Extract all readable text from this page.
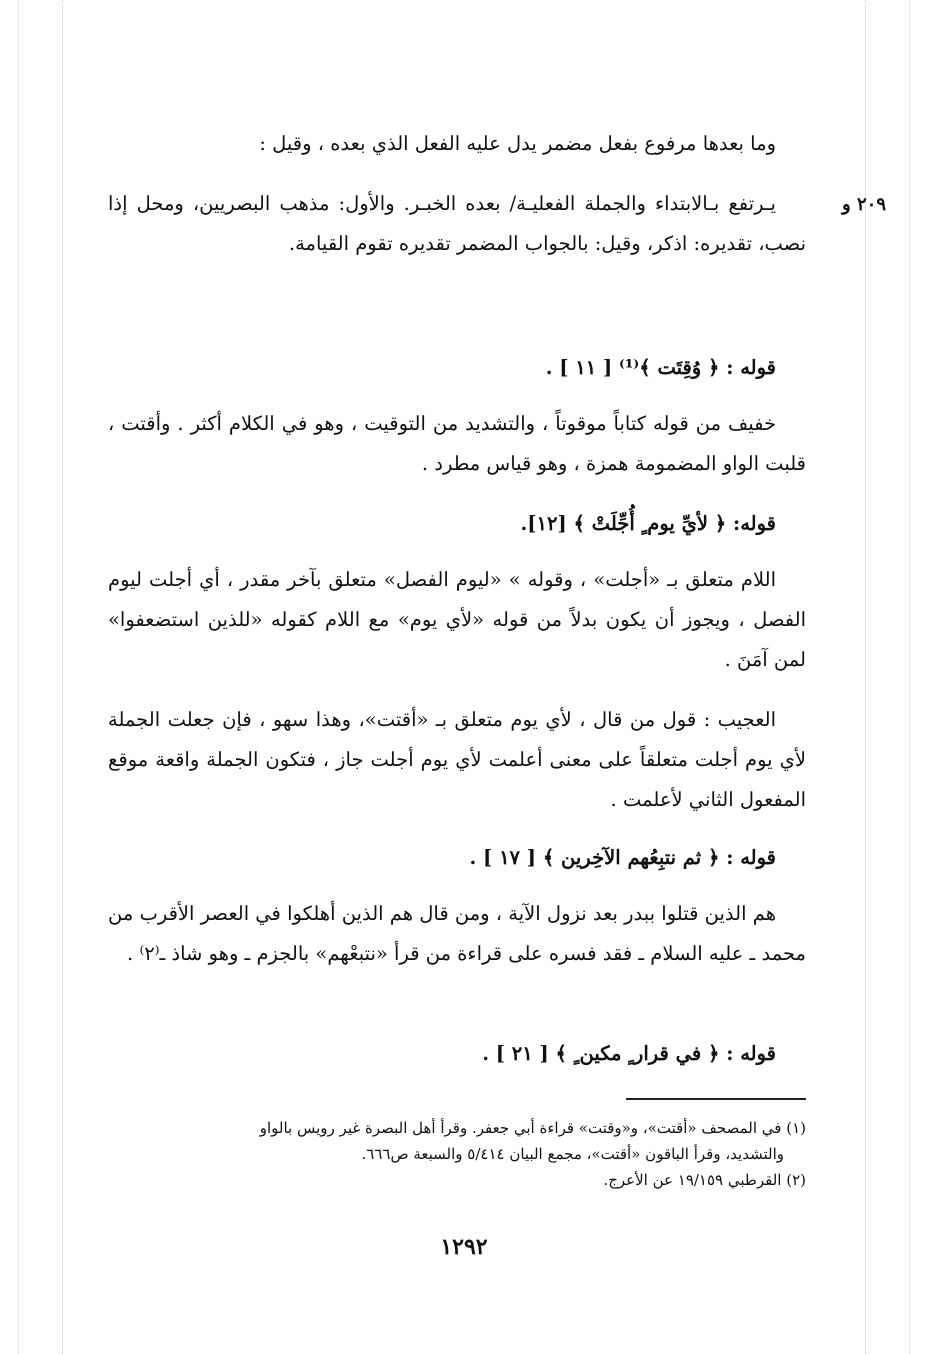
٢٠٩ و

وما بعدها مرفوع بفعل مضمر يدل عليه الفعل الذي بعده ، وقيل :

يـرتفع بـالابتداء والجملة الفعليـة/ بعده الخبـر. والأول: مذهب البصريين، ومحل إذا نصب، تقديره: اذكر، وقيل: بالجواب المضمر تقديره تقوم القيامة.

قوله : ﴿ وُقِتَت ﴾⁽¹⁾ [ ١١ ] .

خفيف من قوله كتاباً موقوتاً ، والتشديد من التوقيت ، وهو في الكلام أكثر . وأقتت ، قلبت الواو المضمومة همزة ، وهو قياس مطرد .

قوله: ﴿ لأيِّ يوم ٍ أُجِّلَتْ ﴾ [١٢].

اللام متعلق بـ «أجلت» ، وقوله » «ليوم الفصل» متعلق بآخر مقدر ، أي أجلت ليوم الفصل ، ويجوز أن يكون بدلاً من قوله «لأي يوم» مع اللام كقوله «للذين استضعفوا» لمن آمَنَ .

العجيب : قول من قال ، لأي يوم متعلق بـ «أقتت»، وهذا سهو ، فإن جعلت الجملة لأي يوم أجلت متعلقاً على معنى أعلمت لأي يوم أجلت جاز ، فتكون الجملة واقعة موقع المفعول الثاني لأعلمت .

قوله : ﴿ ثم نتبِعُهم الآخِرين ﴾ [ ١٧ ] .

هم الذين قتلوا ببدر بعد نزول الآية ، ومن قال هم الذين أهلكوا في العصر الأقرب من محمد ـ عليه السلام ـ فقد فسره على قراءة من قرأ «نتبعْهم» بالجزم ـ وهو شاذ ـ⁽٢⁾ .

قوله : ﴿ في قرار ٍ مكين ٍ ﴾ [ ٢١ ] .

(١) في المصحف «أقتت»، و«وقتت» قراءة أبي جعفر. وقرأ أهل البصرة غير رويس بالواو

والتشديد، وقرأ الباقون «أقتت»، مجمع البيان ٥/٤١٤ والسبعة ص٦٦٦.

(٢) القرطبي ١٩/١٥٩ عن الأعرج.

١٢٩٢
